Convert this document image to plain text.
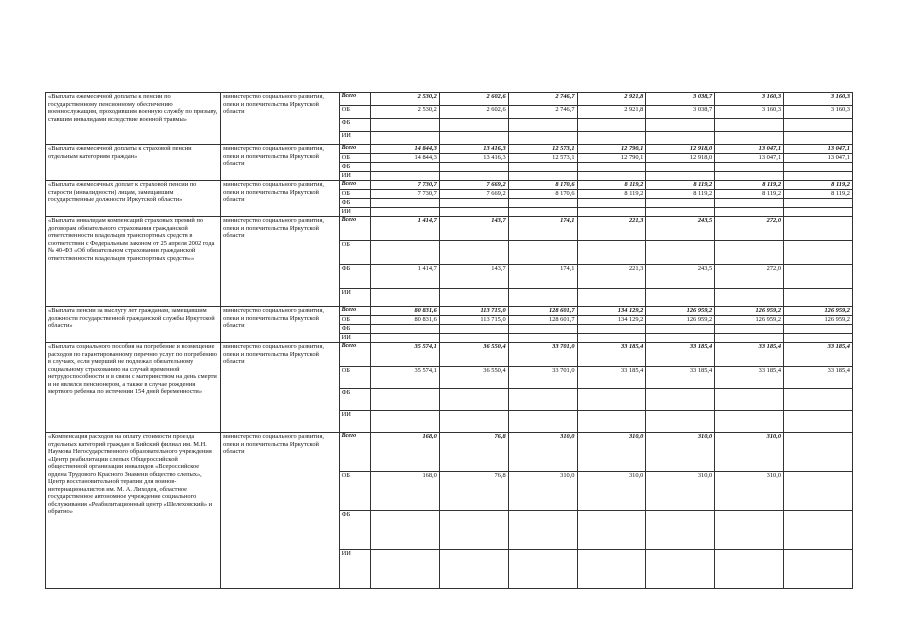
«Выплата ежемесячной доплаты к пенсии по государственному пенсионному обеспечению военнослужащим, проходившим военную службу по призыву, ставшим инвалидами вследствие военной травмы»	министерство социального развития, опеки и попечительства Иркутской области	Всего	2 530,2	2 602,6	2 746,7	2 921,8	3 038,7	3 160,3	3 160,3
		ОБ	2 530,2	2 602,6	2 746,7	2 921,8	3 038,7	3 160,3	3 160,3
		ФБ							
		ИИ							
«Выплата ежемесячной доплаты к страховой пенсии отдельным категориям граждан»	министерство социального развития, опеки и попечительства Иркутской области	Всего	14 844,3	13 416,3	12 573,1	12 790,1	12 918,0	13 047,1	13 047,1
		ОБ	14 844,3	13 416,3	12 573,1	12 790,1	12 918,0	13 047,1	13 047,1
		ФБ							
		ИИ							
«Выплата ежемесячных доплат к страховой пенсии по старости (инвалидности) лицам, замещавшим государственные должности Иркутской области»	министерство социального развития, опеки и попечительства Иркутской области	Всего	7 730,7	7 669,2	8 170,6	8 119,2	8 119,2	8 119,2	8 119,2
		ОБ	7 730,7	7 669,2	8 170,6	8 119,2	8 119,2	8 119,2	8 119,2
		ФБ							
		ИИ							
«Выплата инвалидам компенсаций страховых премий по договорам обязательного страхования гражданской ответственности владельцев транспортных средств в соответствии с Федеральным законом от 25 апреля 2002 года № 40-ФЗ «Об обязательном страховании гражданской ответственности владельцев транспортных средств»»	министерство социального развития, опеки и попечительства Иркутской области	Всего	1 414,7	143,7	174,1	221,3	243,5	272,0	
		ОБ							
		ФБ	1 414,7	143,7	174,1	221,3	243,5	272,0	
		ИИ							
«Выплата пенсии за выслугу лет гражданам, замещавшим должности государственной гражданской службы Иркутской области»	министерство социального развития, опеки и попечительства Иркутской области	Всего	80 831,6	113 715,0	128 601,7	134 129,2	126 959,2	126 959,2	126 959,2
		ОБ	80 831,6	113 715,0	128 601,7	134 129,2	126 959,2	126 959,2	126 959,2
		ФБ							
		ИИ							
«Выплата социального пособия на погребение и возмещение расходов по гарантированному перечню услуг по погребению в случаях, если умерший не подлежал обязательному социальному страхованию на случай временной нетрудоспособности и в связи с материнством на день смерти и не являлся пенсионером, а также в случае рождения мертвого ребенка по истечении 154 дней беременности»	министерство социального развития, опеки и попечительства Иркутской области	Всего	35 574,1	36 550,4	33 701,0	33 185,4	33 185,4	33 185,4	33 185,4
		ОБ	35 574,1	36 550,4	33 701,0	33 185,4	33 185,4	33 185,4	33 185,4
		ФБ							
		ИИ							
«Компенсация расходов на оплату стоимости проезда отдельных категорий граждан в Бийский филиал им. М.Н. Наумова Негосударственного образовательного учреждения «Центр реабилитации слепых Общероссийской общественной организации инвалидов «Всероссийское ордена Трудового Красного Знамени общество слепых», Центр восстановительной терапии для воинов-интернационалистов им. М. А. Лиходея, областное государственное автономное учреждение социального обслуживания «Реабилитационный центр «Шелеховский» и обратно»	министерство социального развития, опеки и попечительства Иркутской области	Всего	168,0	76,8	310,0	310,0	310,0	310,0	
		ОБ	168,0	76,8	310,0	310,0	310,0	310,0	
		ФБ							
		ИИ							
